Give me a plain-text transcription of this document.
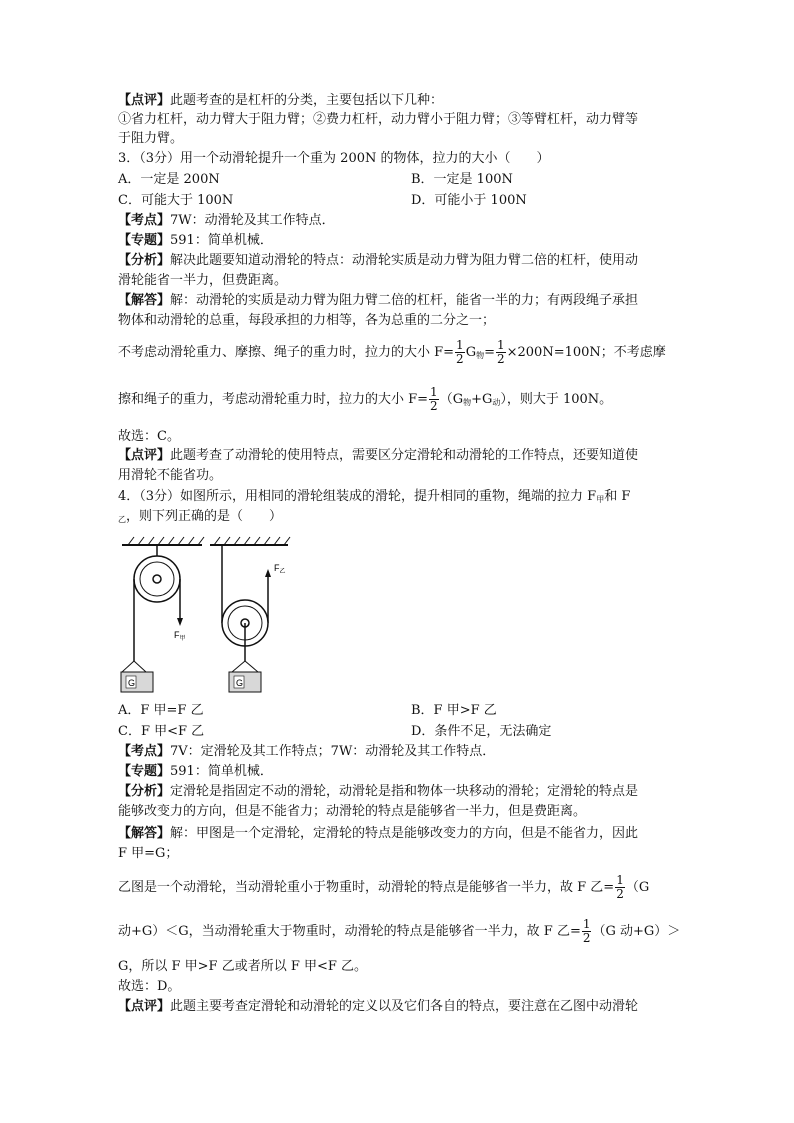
【点评】此题考查的是杠杆的分类，主要包括以下几种：
①省力杠杆，动力臂大于阻力臂；②费力杠杆，动力臂小于阻力臂；③等臂杠杆，动力臂等
于阻力臂。
3．（3分）用一个动滑轮提升一个重为 200N 的物体，拉力的大小（　　）
A．一定是 200N	B．一定是 100N
C．可能大于 100N	D．可能小于 100N
【考点】7W：动滑轮及其工作特点．
【专题】591：简单机械．
【分析】解决此题要知道动滑轮的特点：动滑轮实质是动力臂为阻力臂二倍的杠杆，使用动
滑轮能省一半力，但费距离。
【解答】解：动滑轮的实质是动力臂为阻力臂二倍的杠杆，能省一半的力；有两段绳子承担
物体和动滑轮的总重，每段承担的力相等，各为总重的二分之一；
不考虑动滑轮重力、摩擦、绳子的重力时，拉力的大小 $F= \frac{1}{2} G_物= \frac{1}{2} \times 200N=100N$；不考虑摩
擦和绳子的重力，考虑动滑轮重力时，拉力的大小 $F= \frac{1}{2} (G_物+G_动)$，则大于 100N。
故选：C。
【点评】此题考查了动滑轮的使用特点，需要区分定滑轮和动滑轮的工作特点，还要知道使
用滑轮不能省功。
4．（3分）如图所示，用相同的滑轮组装成的滑轮，提升相同的重物，绳端的拉力 $F_甲$和 F
$_乙$，则下列正确的是（　　）
$F_甲$
G
$F_乙$
G
A．F 甲=F 乙	B．F 甲>F 乙
C．F 甲<F 乙	D．条件不足，无法确定
【考点】7V：定滑轮及其工作特点；7W：动滑轮及其工作特点．
【专题】591：简单机械．
【分析】定滑轮是指固定不动的滑轮，动滑轮是指和物体一块移动的滑轮；定滑轮的特点是
能够改变力的方向，但是不能省力；动滑轮的特点是能够省一半力，但是费距离。
【解答】解：甲图是一个定滑轮，定滑轮的特点是能够改变力的方向，但是不能省力，因此
F 甲=G；
乙图是一个动滑轮，当动滑轮重小于物重时，动滑轮的特点是能够省一半力，故 F 乙= $\frac{1}{2} (G$
动+G）＜G，当动滑轮重大于物重时，动滑轮的特点是能够省一半力，故 F 乙= $\frac{1}{2} (G$ 动+G）＞
G，所以 F 甲>F 乙或者所以 F 甲<F 乙。
故选：D。
【点评】此题主要考查定滑轮和动滑轮的定义以及它们各自的特点，要注意在乙图中动滑轮
